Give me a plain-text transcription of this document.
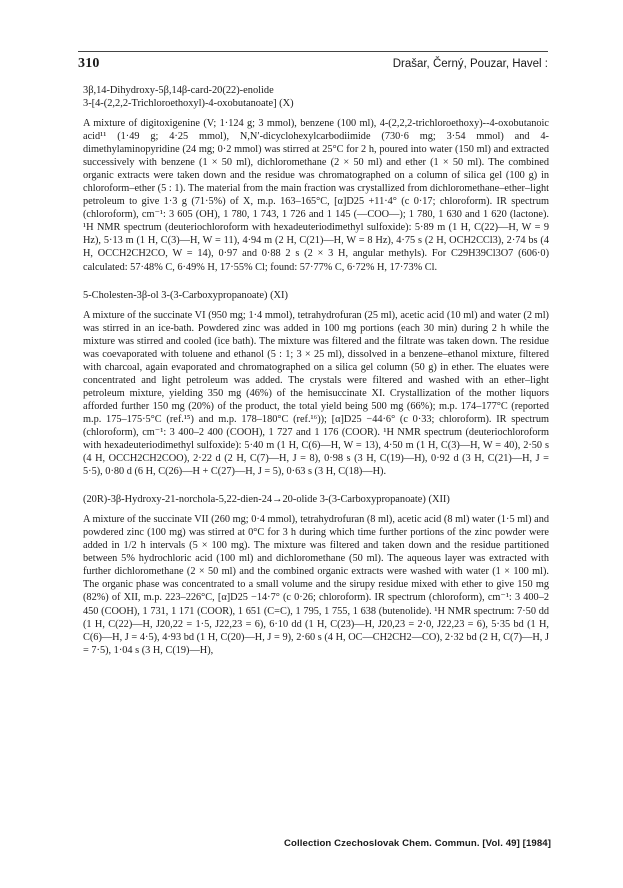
310	Drašar, Černý, Pouzar, Havel :

3β,14-Dihydroxy-5β,14β-card-20(22)-enolide

3-[4-(2,2,2-Trichloroethoxyl)-4-oxobutanoate] (X)

A mixture of digitoxigenine (V; 1·124 g; 3 mmol), benzene (100 ml), 4-(2,2,2-trichloroethoxy)--4-oxobutanoic acid¹¹ (1·49 g; 4·25 mmol), N,N′-dicyclohexylcarbodiimide (730·6 mg; 3·54 mmol) and 4-dimethylaminopyridine (24 mg; 0·2 mmol) was stirred at 25°C for 2 h, poured into water (150 ml) and extracted successively with benzene (1 × 50 ml), dichloromethane (2 × 50 ml) and ether (1 × 50 ml). The combined organic extracts were taken down and the residue was chromatographed on a column of silica gel (100 g) in chloroform–ether (5 : 1). The material from the main fraction was crystallized from dichloromethane–ether–light petroleum to give 1·3 g (71·5%) of X, m.p. 163–165°C, [α]D25 +11·4° (c 0·17; chloroform). IR spectrum (chloroform), cm⁻¹: 3 605 (OH), 1 780, 1 743, 1 726 and 1 145 (—COO—); 1 780, 1 630 and 1 620 (lactone). ¹H NMR spectrum (deuteriochloroform with hexadeuteriodimethyl sulfoxide): 5·89 m (1 H, C(22)—H, W = 9 Hz), 5·13 m (1 H, C(3)—H, W = 11), 4·94 m (2 H, C(21)—H, W = 8 Hz), 4·75 s (2 H, OCH2CCl3), 2·74 bs (4 H, OCCH2CH2CO, W = 14), 0·97 and 0·88 2 s (2 × 3 H, angular methyls). For C29H39Cl3O7 (606·0) calculated: 57·48% C, 6·49% H, 17·55% Cl; found: 57·77% C, 6·72% H, 17·73% Cl.

5-Cholesten-3β-ol 3-(3-Carboxypropanoate) (XI)

A mixture of the succinate VI (950 mg; 1·4 mmol), tetrahydrofuran (25 ml), acetic acid (10 ml) and water (2 ml) was stirred in an ice-bath. Powdered zinc was added in 100 mg portions (each 30 min) during 2 h while the mixture was stirred and cooled (ice bath). The mixture was filtered and the filtrate was taken down. The residue was coevaporated with toluene and ethanol (5 : 1; 3 × 25 ml), dissolved in a benzene–ethanol mixture, filtered with charcoal, again evaporated and chromatographed on a silica gel column (50 g) in ether. The eluates were concentrated and light petroleum was added. The crystals were filtered and washed with an ether–light petroleum mixture, yielding 350 mg (46%) of the hemisuccinate XI. Crystallization of the mother liquors afforded further 150 mg (20%) of the product, the total yield being 500 mg (66%); m.p. 174–177°C (reported m.p. 175–175·5°C (ref.¹⁵) and m.p. 178–180°C (ref.¹⁶)); [α]D25 −44·6° (c 0·33; chloroform). IR spectrum (chloroform), cm⁻¹: 3 400–2 400 (COOH), 1 727 and 1 176 (COOR). ¹H NMR spectrum (deuteriochloroform with hexadeuteriodimethyl sulfoxide): 5·40 m (1 H, C(6)—H, W = 13), 4·50 m (1 H, C(3)—H, W = 40), 2·50 s (4 H, OCCH2CH2COO), 2·22 d (2 H, C(7)—H, J = 8), 0·98 s (3 H, C(19)—H), 0·92 d (3 H, C(21)—H, J = 5·5), 0·80 d (6 H, C(26)—H + C(27)—H, J = 5), 0·63 s (3 H, C(18)—H).

(20R)-3β-Hydroxy-21-norchola-5,22-dien-24→20-olide 3-(3-Carboxypropanoate) (XII)

A mixture of the succinate VII (260 mg; 0·4 mmol), tetrahydrofuran (8 ml), acetic acid (8 ml) water (1·5 ml) and powdered zinc (100 mg) was stirred at 0°C for 3 h during which time further portions of the zinc powder were added in 1/2 h intervals (5 × 100 mg). The mixture was filtered and taken down and the residue partitioned between 5% hydrochloric acid (100 ml) and dichloromethane (50 ml). The aqueous layer was extracted with further dichloromethane (2 × 50 ml) and the combined organic extracts were washed with water (1 × 100 ml). The organic phase was concentrated to a small volume and the sirupy residue mixed with ether to give 150 mg (82%) of XII, m.p. 223–226°C, [α]D25 −14·7° (c 0·26; chloroform). IR spectrum (chloroform), cm⁻¹: 3 400–2 450 (COOH), 1 731, 1 171 (COOR), 1 651 (C=C), 1 795, 1 755, 1 638 (butenolide). ¹H NMR spectrum: 7·50 dd (1 H, C(22)—H, J20,22 = 1·5, J22,23 = 6), 6·10 dd (1 H, C(23)—H, J20,23 = 2·0, J22,23 = 6), 5·35 bd (1 H, C(6)—H, J = 4·5), 4·93 bd (1 H, C(20)—H, J = 9), 2·60 s (4 H, OC—CH2CH2—CO), 2·32 bd (2 H, C(7)—H, J = 7·5), 1·04 s (3 H, C(19)—H),

Collection Czechoslovak Chem. Commun. [Vol. 49] [1984]
